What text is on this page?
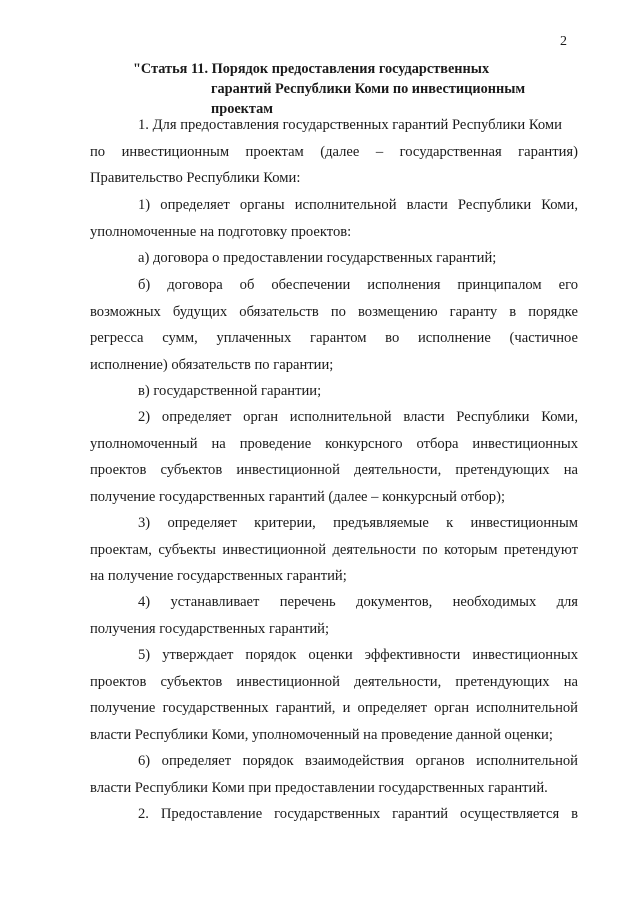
2
"Статья 11. Порядок предоставления государственных
гарантий Республики Коми по инвестиционным
проектам

1. Для предоставления государственных гарантий Республики Коми
по инвестиционным проектам (далее – государственная гарантия)
Правительство Республики Коми:

1) определяет органы исполнительной власти Республики Коми,
уполномоченные на подготовку проектов:

а) договора о предоставлении государственных гарантий;

б) договора об обеспечении исполнения принципалом его
возможных будущих обязательств по возмещению гаранту в порядке
регресса сумм, уплаченных гарантом во исполнение (частичное
исполнение) обязательств по гарантии;

в) государственной гарантии;

2) определяет орган исполнительной власти Республики Коми,
уполномоченный на проведение конкурсного отбора инвестиционных
проектов субъектов инвестиционной деятельности, претендующих на
получение государственных гарантий (далее – конкурсный отбор);

3) определяет критерии, предъявляемые к инвестиционным
проектам, субъекты инвестиционной деятельности по которым претендуют
на получение государственных гарантий;

4) устанавливает перечень документов, необходимых для
получения государственных гарантий;

5) утверждает порядок оценки эффективности инвестиционных
проектов субъектов инвестиционной деятельности, претендующих на
получение государственных гарантий, и определяет орган исполнительной
власти Республики Коми, уполномоченный на проведение данной оценки;

6) определяет порядок взаимодействия органов исполнительной
власти Республики Коми при предоставлении государственных гарантий.

2. Предоставление государственных гарантий осуществляется в
